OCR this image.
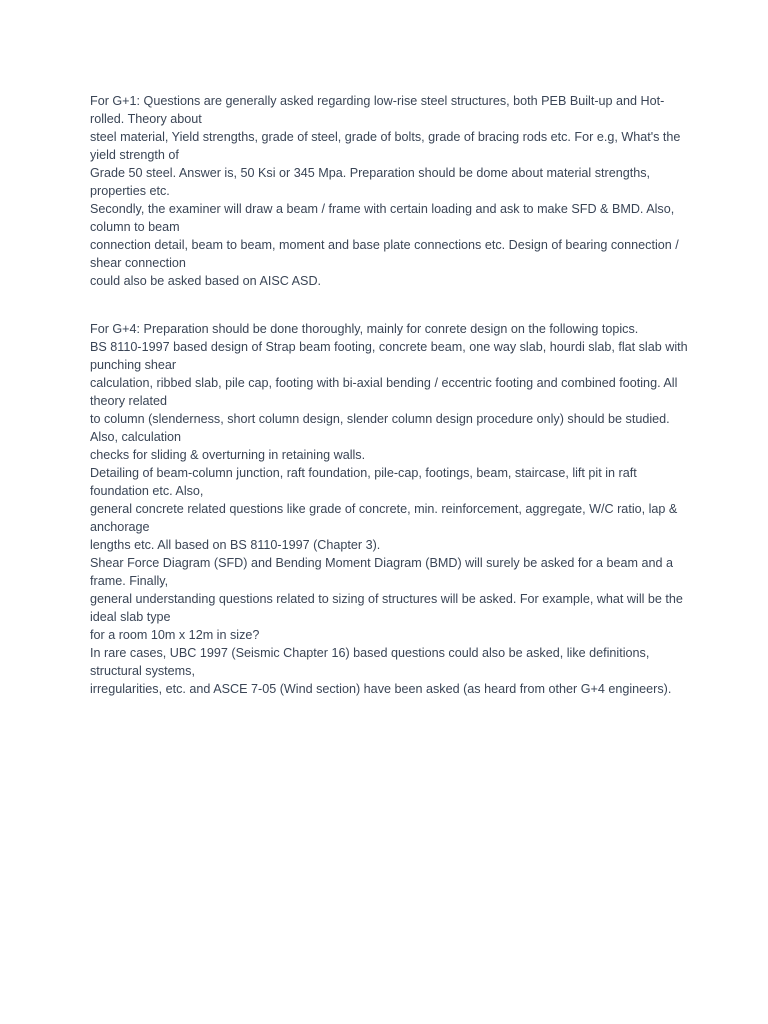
For G+1: Questions are generally asked regarding low-rise steel structures, both PEB Built-up and Hot-rolled. Theory about
steel material, Yield strengths, grade of steel, grade of bolts, grade of bracing rods etc. For e.g, What's the yield strength of
Grade 50 steel. Answer is, 50 Ksi or 345 Mpa. Preparation should be dome about material strengths, properties etc.
Secondly, the examiner will draw a beam / frame with certain loading and ask to make SFD & BMD. Also, column to beam
connection detail, beam to beam, moment and base plate connections etc. Design of bearing connection / shear connection
could also be asked based on AISC ASD.
For G+4: Preparation should be done thoroughly, mainly for conrete design on the following topics.
BS 8110-1997 based design of Strap beam footing, concrete beam, one way slab, hourdi slab, flat slab with punching shear
calculation, ribbed slab, pile cap, footing with bi-axial bending / eccentric footing and combined footing. All theory related
to column (slenderness, short column design, slender column design procedure only) should be studied. Also, calculation
checks for sliding & overturning in retaining walls.
Detailing of beam-column junction, raft foundation, pile-cap, footings, beam, staircase, lift pit in raft foundation etc. Also,
general concrete related questions like grade of concrete, min. reinforcement, aggregate, W/C ratio, lap & anchorage
lengths etc. All based on BS 8110-1997 (Chapter 3).
Shear Force Diagram (SFD) and Bending Moment Diagram (BMD) will surely be asked for a beam and a frame. Finally,
general understanding questions related to sizing of structures will be asked. For example, what will be the ideal slab type
for a room 10m x 12m in size?
In rare cases, UBC 1997 (Seismic Chapter 16) based questions could also be asked, like definitions, structural systems,
irregularities, etc. and ASCE 7-05 (Wind section) have been asked (as heard from other G+4 engineers).
